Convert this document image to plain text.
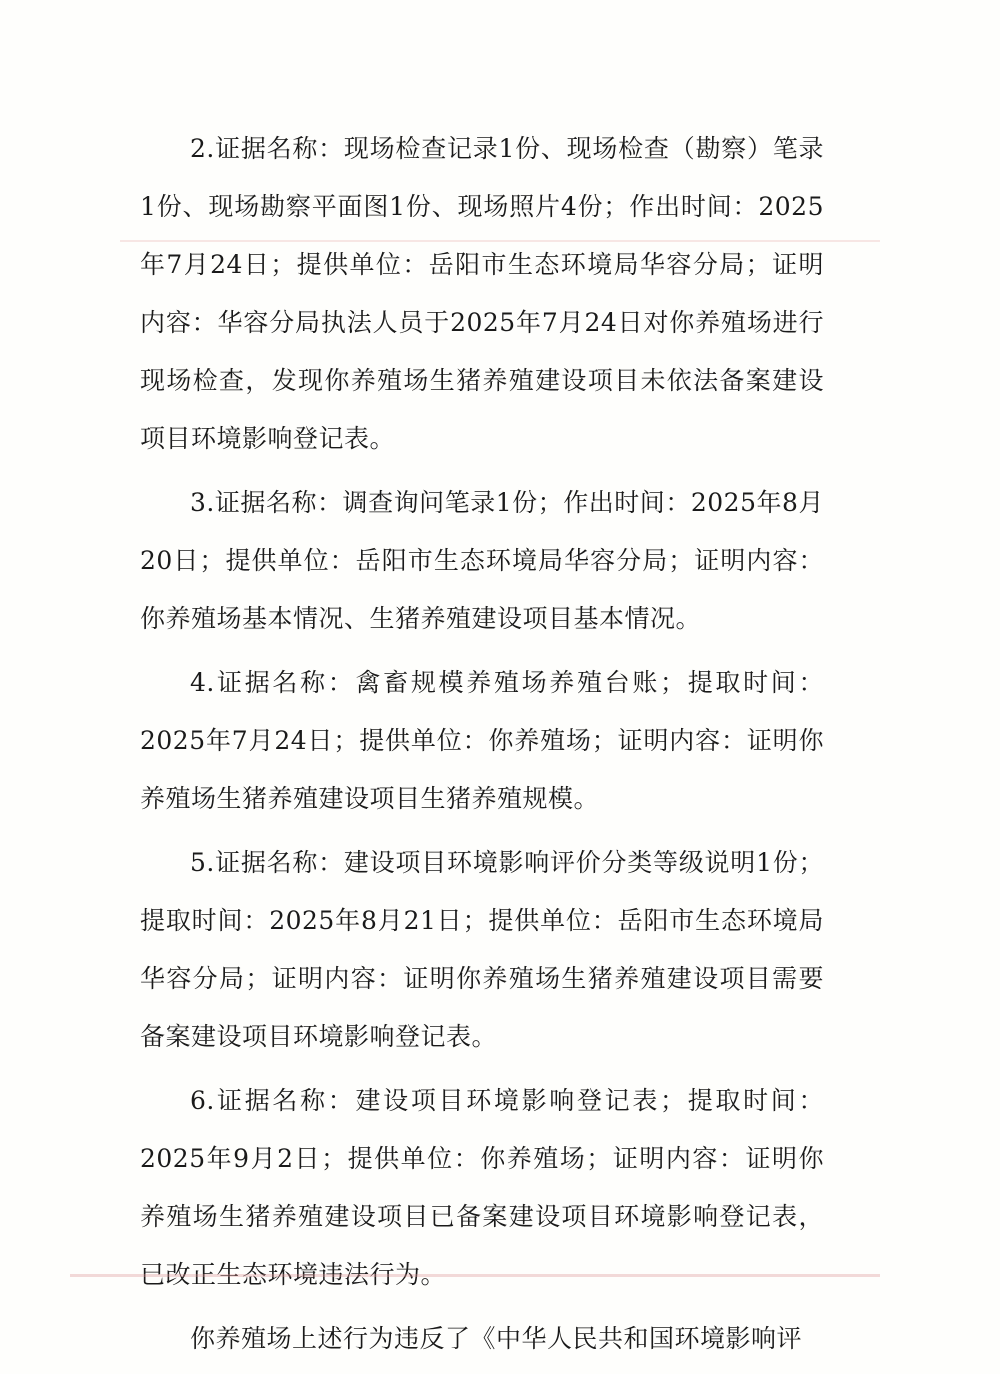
2.证据名称：现场检查记录1份、现场检查（勘察）笔录1份、现场勘察平面图1份、现场照片4份；作出时间：2025年7月24日；提供单位：岳阳市生态环境局华容分局；证明内容：华容分局执法人员于2025年7月24日对你养殖场进行现场检查，发现你养殖场生猪养殖建设项目未依法备案建设项目环境影响登记表。

3.证据名称：调查询问笔录1份；作出时间：2025年8月20日；提供单位：岳阳市生态环境局华容分局；证明内容：你养殖场基本情况、生猪养殖建设项目基本情况。

4.证据名称：禽畜规模养殖场养殖台账；提取时间：2025年7月24日；提供单位：你养殖场；证明内容：证明你养殖场生猪养殖建设项目生猪养殖规模。

5.证据名称：建设项目环境影响评价分类等级说明1份；提取时间：2025年8月21日；提供单位：岳阳市生态环境局华容分局；证明内容：证明你养殖场生猪养殖建设项目需要备案建设项目环境影响登记表。

6.证据名称：建设项目环境影响登记表；提取时间：2025年9月2日；提供单位：你养殖场；证明内容：证明你养殖场生猪养殖建设项目已备案建设项目环境影响登记表，已改正生态环境违法行为。

你养殖场上述行为违反了《中华人民共和国环境影响评
